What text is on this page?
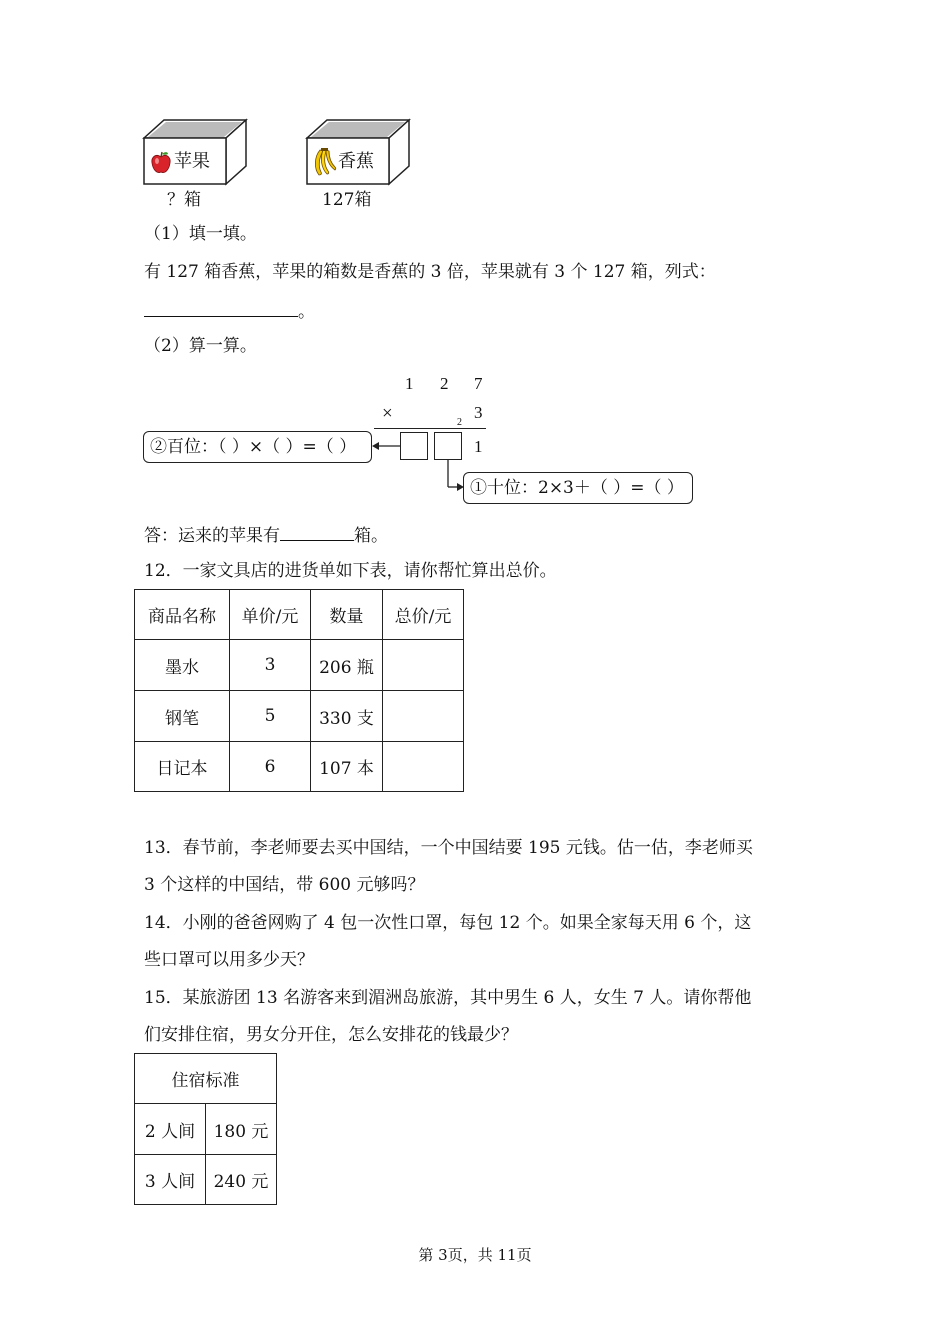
苹果
？箱
香蕉
127箱
（1）填一填。
有 127 箱香蕉，苹果的箱数是香蕉的 3 倍，苹果就有 3 个 127 箱，列式：
。
（2）算一算。
1 2 7
×	3
2
1
②百位：（ ）×（ ）=（ ）
①十位：2×3＋（ ）=（ ）
答：运来的苹果有	箱。
12．一家文具店的进货单如下表，请你帮忙算出总价。
商品名称	单价/元	数量	总价/元
墨水	3	206 瓶	
钢笔	5	330 支	
日记本	6	107 本	
13．春节前，李老师要去买中国结，一个中国结要 195 元钱。估一估，李老师买
3 个这样的中国结，带 600 元够吗？
14．小刚的爸爸网购了 4 包一次性口罩，每包 12 个。如果全家每天用 6 个，这
些口罩可以用多少天？
15．某旅游团 13 名游客来到湄洲岛旅游，其中男生 6 人，女生 7 人。请你帮他
们安排住宿，男女分开住，怎么安排花的钱最少？
住宿标准	
2 人间	180 元
3 人间	240 元
第 3页，共 11页
